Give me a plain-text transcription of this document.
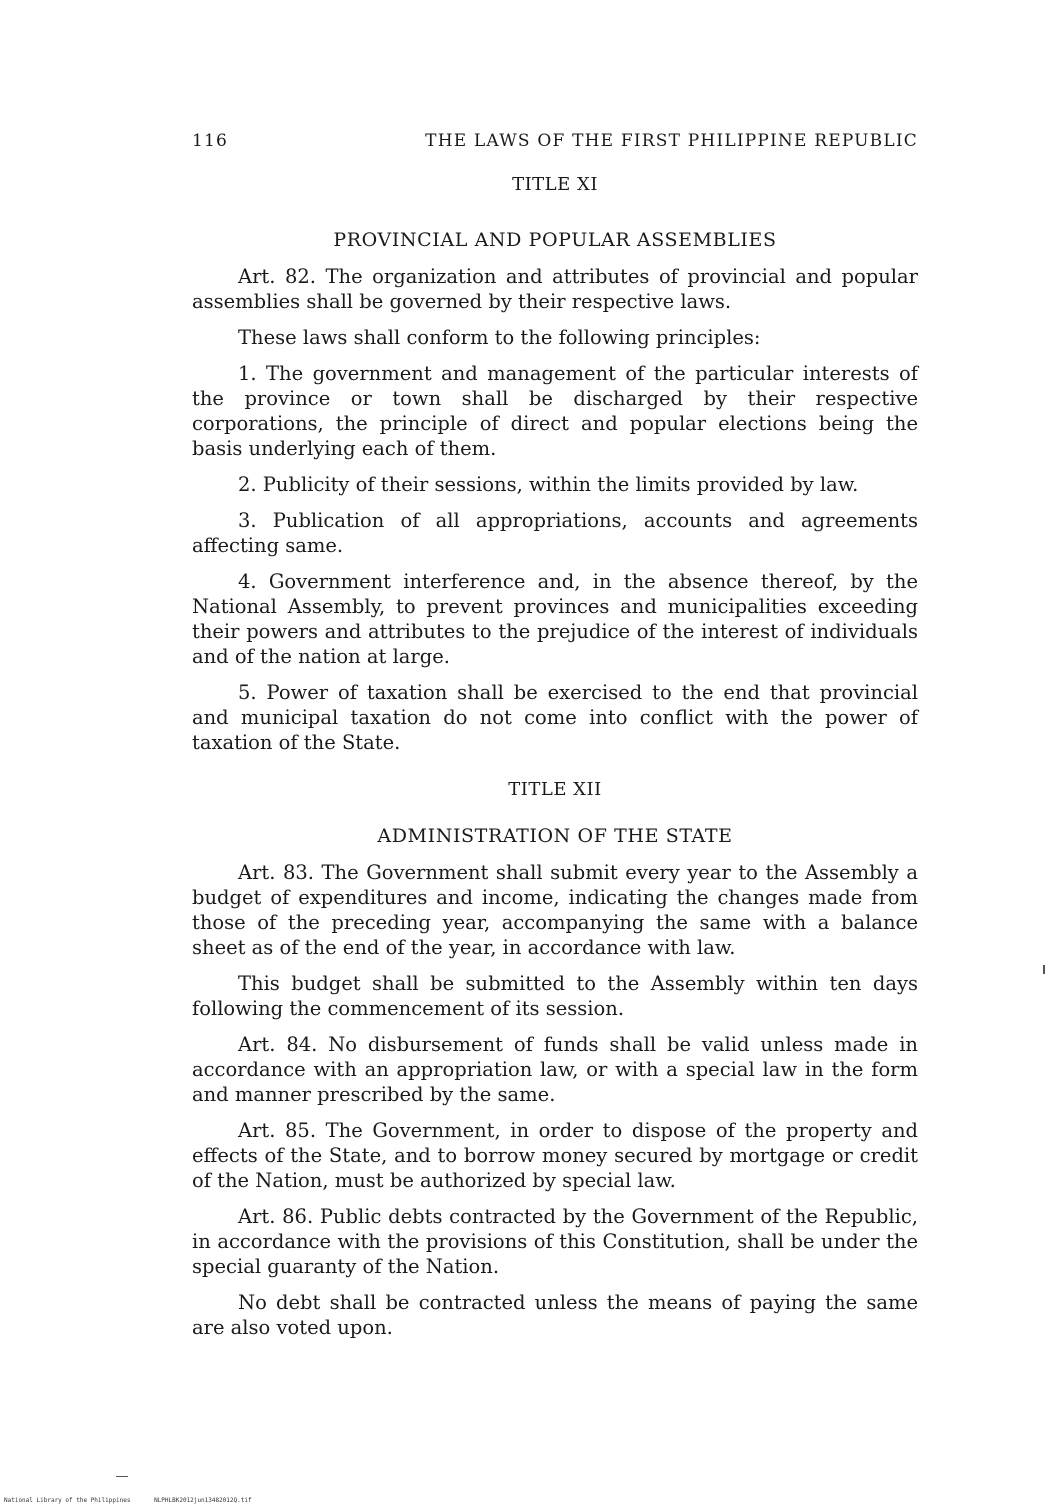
116	THE LAWS OF THE FIRST PHILIPPINE REPUBLIC
TITLE XI
PROVINCIAL AND POPULAR ASSEMBLIES

Art. 82. The organization and attributes of provincial and popular assemblies shall be governed by their respective laws.

These laws shall conform to the following principles:

1. The government and management of the particular interests of the province or town shall be discharged by their respective corporations, the principle of direct and popular elections being the basis underlying each of them.

2. Publicity of their sessions, within the limits provided by law.

3. Publication of all appropriations, accounts and agreements affecting same.

4. Government interference and, in the absence thereof, by the National Assembly, to prevent provinces and municipalities exceeding their powers and attributes to the prejudice of the interest of individuals and of the nation at large.

5. Power of taxation shall be exercised to the end that provincial and municipal taxation do not come into conflict with the power of taxation of the State.

TITLE XII
ADMINISTRATION OF THE STATE

Art. 83. The Government shall submit every year to the Assembly a budget of expenditures and income, indicating the changes made from those of the preceding year, accompanying the same with a balance sheet as of the end of the year, in accordance with law.

This budget shall be submitted to the Assembly within ten days following the commencement of its session.

Art. 84. No disbursement of funds shall be valid unless made in accordance with an appropriation law, or with a special law in the form and manner prescribed by the same.

Art. 85. The Government, in order to dispose of the property and effects of the State, and to borrow money secured by mortgage or credit of the Nation, must be authorized by special law.

Art. 86. Public debts contracted by the Government of the Republic, in accordance with the provisions of this Constitution, shall be under the special guaranty of the Nation.

No debt shall be contracted unless the means of paying the same are also voted upon.

National Library of the Philippines	NLPHLBK2012jun13482012Q.tif
